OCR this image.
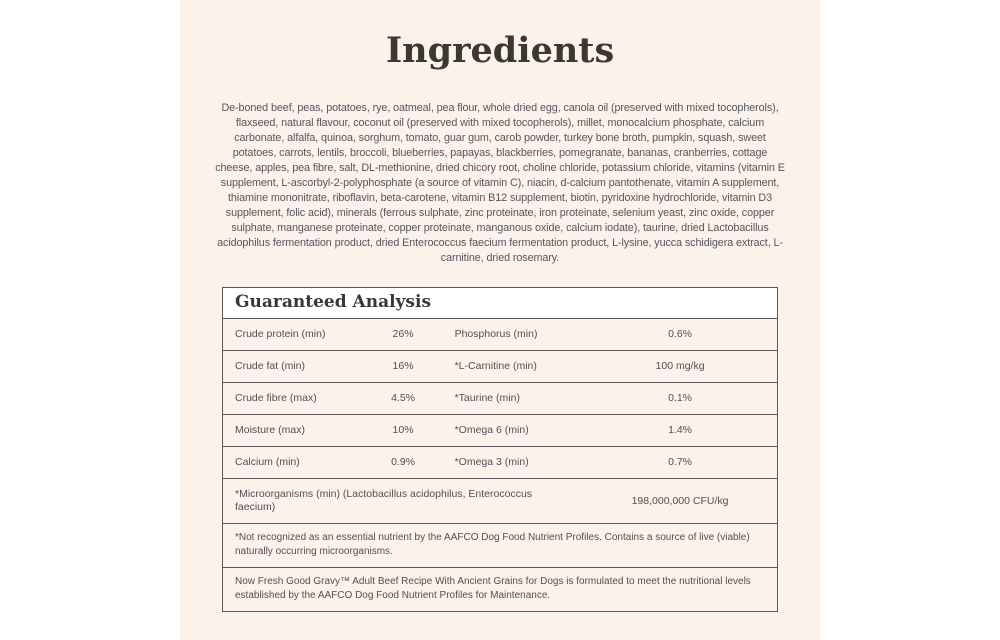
Ingredients

De-boned beef, peas, potatoes, rye, oatmeal, pea flour, whole dried egg, canola oil (preserved with mixed tocopherols), flaxseed, natural flavour, coconut oil (preserved with mixed tocopherols), millet, monocalcium phosphate, calcium carbonate, alfalfa, quinoa, sorghum, tomato, guar gum, carob powder, turkey bone broth, pumpkin, squash, sweet potatoes, carrots, lentils, broccoli, blueberries, papayas, blackberries, pomegranate, bananas, cranberries, cottage cheese, apples, pea fibre, salt, DL-methionine, dried chicory root, choline chloride, potassium chloride, vitamins (vitamin E supplement, L-ascorbyl-2-polyphosphate (a source of vitamin C), niacin, d-calcium pantothenate, vitamin A supplement, thiamine mononitrate, riboflavin, beta-carotene, vitamin B12 supplement, biotin, pyridoxine hydrochloride, vitamin D3 supplement, folic acid), minerals (ferrous sulphate, zinc proteinate, iron proteinate, selenium yeast, zinc oxide, copper sulphate, manganese proteinate, copper proteinate, manganous oxide, calcium iodate), taurine, dried Lactobacillus acidophilus fermentation product, dried Enterococcus faecium fermentation product, L-lysine, yucca schidigera extract, L-carnitine, dried rosemary.

Guaranteed Analysis
Crude protein (min)	26%	Phosphorus (min)	0.6%
Crude fat (min)	16%	*L-Carnitine (min)	100 mg/kg
Crude fibre (max)	4.5%	*Taurine (min)	0.1%
Moisture (max)	10%	*Omega 6 (min)	1.4%
Calcium (min)	0.9%	*Omega 3 (min)	0.7%
*Microorganisms (min) (Lactobacillus acidophilus, Enterococcus faecium)			198,000,000 CFU/kg
*Not recognized as an essential nutrient by the AAFCO Dog Food Nutrient Profiles. Contains a source of live (viable) naturally occurring microorganisms.			
Now Fresh Good Gravy™ Adult Beef Recipe With Ancient Grains for Dogs is formulated to meet the nutritional levels established by the AAFCO Dog Food Nutrient Profiles for Maintenance.			
